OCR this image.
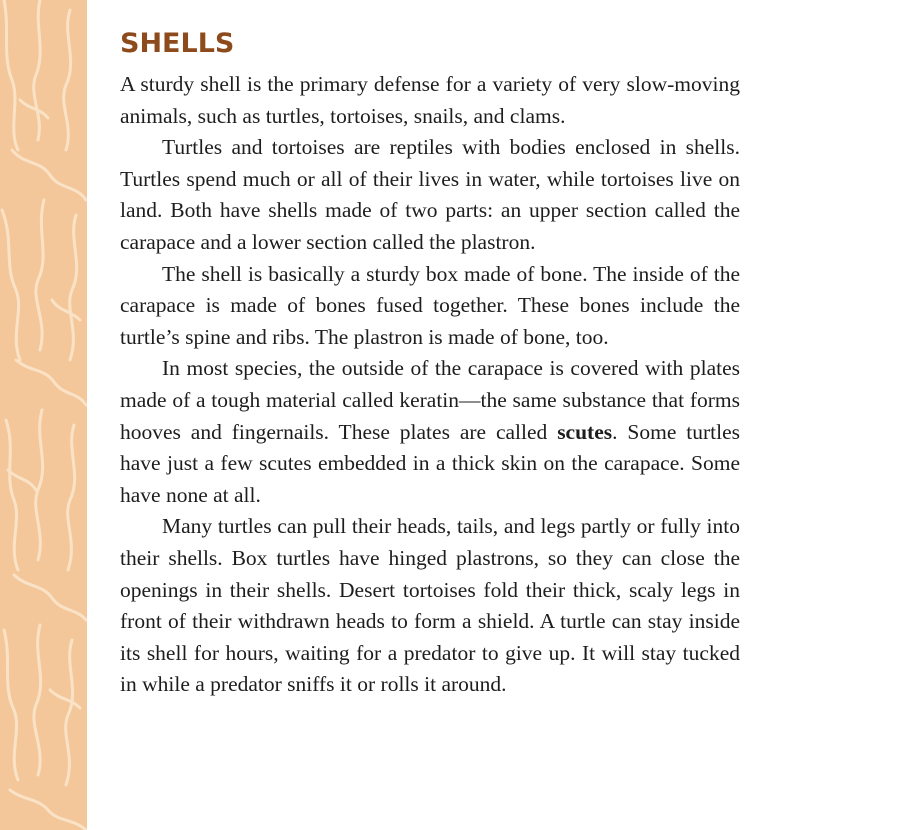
SHELLS

A sturdy shell is the primary defense for a variety of very slow-moving animals, such as turtles, tortoises, snails, and clams.

Turtles and tortoises are reptiles with bodies enclosed in shells. Turtles spend much or all of their lives in water, while tortoises live on land. Both have shells made of two parts: an upper section called the carapace and a lower section called the plastron.

The shell is basically a sturdy box made of bone. The inside of the carapace is made of bones fused together. These bones include the turtle’s spine and ribs. The plastron is made of bone, too.

In most species, the outside of the carapace is covered with plates made of a tough material called keratin—the same substance that forms hooves and fingernails. These plates are called scutes. Some turtles have just a few scutes embedded in a thick skin on the carapace. Some have none at all.

Many turtles can pull their heads, tails, and legs partly or fully into their shells. Box turtles have hinged plastrons, so they can close the openings in their shells. Desert tortoises fold their thick, scaly legs in front of their withdrawn heads to form a shield. A turtle can stay inside its shell for hours, waiting for a predator to give up. It will stay tucked in while a predator sniffs it or rolls it around.
